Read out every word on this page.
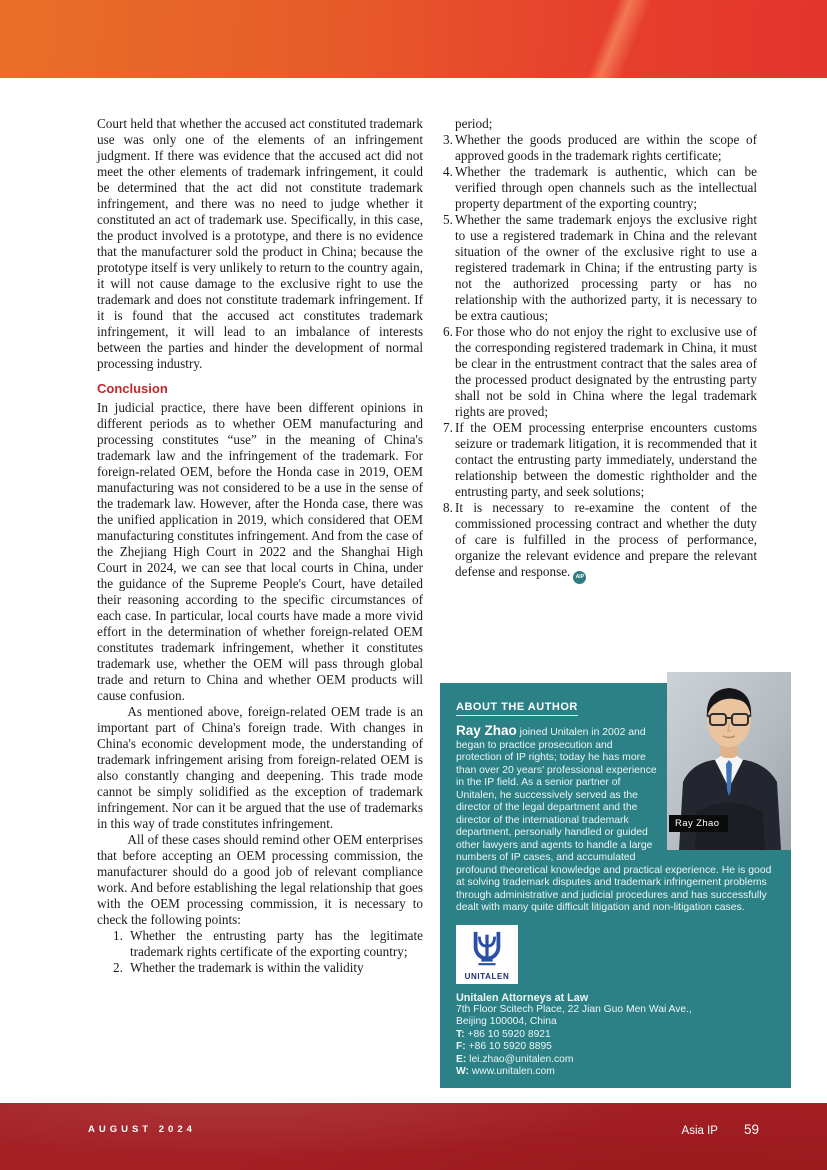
Court held that whether the accused act constituted trademark use was only one of the elements of an infringement judgment. If there was evidence that the accused act did not meet the other elements of trademark infringement, it could be determined that the act did not constitute trademark infringement, and there was no need to judge whether it constituted an act of trademark use. Specifically, in this case, the product involved is a prototype, and there is no evidence that the manufacturer sold the product in China; because the prototype itself is very unlikely to return to the country again, it will not cause damage to the exclusive right to use the trademark and does not constitute trademark infringement. If it is found that the accused act constitutes trademark infringement, it will lead to an imbalance of interests between the parties and hinder the development of normal processing industry.

Conclusion

In judicial practice, there have been different opinions in different periods as to whether OEM manufacturing and processing constitutes “use” in the meaning of China's trademark law and the infringement of the trademark. For foreign-related OEM, before the Honda case in 2019, OEM manufacturing was not considered to be a use in the sense of the trademark law. However, after the Honda case, there was the unified application in 2019, which considered that OEM manufacturing constitutes infringement. And from the case of the Zhejiang High Court in 2022 and the Shanghai High Court in 2024, we can see that local courts in China, under the guidance of the Supreme People's Court, have detailed their reasoning according to the specific circumstances of each case. In particular, local courts have made a more vivid effort in the determination of whether foreign-related OEM constitutes trademark infringement, whether it constitutes trademark use, whether the OEM will pass through global trade and return to China and whether OEM products will cause confusion.

As mentioned above, foreign-related OEM trade is an important part of China's foreign trade. With changes in China's economic development mode, the understanding of trademark infringement arising from foreign-related OEM is also constantly changing and deepening. This trade mode cannot be simply solidified as the exception of trademark infringement. Nor can it be argued that the use of trademarks in this way of trade constitutes infringement.

All of these cases should remind other OEM enterprises that before accepting an OEM processing commission, the manufacturer should do a good job of relevant compliance work. And before establishing the legal relationship that goes with the OEM processing commission, it is necessary to check the following points:

1. Whether the entrusting party has the legitimate trademark rights certificate of the exporting country;
2. Whether the trademark is within the validity

period;

3. Whether the goods produced are within the scope of approved goods in the trademark rights certificate;
4. Whether the trademark is authentic, which can be verified through open channels such as the intellectual property department of the exporting country;
5. Whether the same trademark enjoys the exclusive right to use a registered trademark in China and the relevant situation of the owner of the exclusive right to use a registered trademark in China; if the entrusting party is not the authorized processing party or has no relationship with the authorized party, it is necessary to be extra cautious;
6. For those who do not enjoy the right to exclusive use of the corresponding registered trademark in China, it must be clear in the entrustment contract that the sales area of the processed product designated by the entrusting party shall not be sold in China where the legal trademark rights are proved;
7. If the OEM processing enterprise encounters customs seizure or trademark litigation, it is recommended that it contact the entrusting party immediately, understand the relationship between the domestic rightholder and the entrusting party, and seek solutions;
8. It is necessary to re-examine the content of the commissioned processing contract and whether the duty of care is fulfilled in the process of performance, organize the relevant evidence and prepare the relevant defense and response. AIP
Ray Zhao
ABOUT THE AUTHOR

Ray Zhao joined Unitalen in 2002 and began to practice prosecution and protection of IP rights; today he has more than over 20 years' professional experience in the IP field. As a senior partner of Unitalen, he successively served as the director of the legal department and the director of the international trademark department, personally handled or guided other lawyers and agents to handle a large numbers of IP cases, and accumulated profound theoretical knowledge and practical experience. He is good at solving trademark disputes and trademark infringement problems through administrative and judicial procedures and has successfully dealt with many quite difficult litigation and non-litigation cases.

UNITALEN
Unitalen Attorneys at Law
7th Floor Scitech Place, 22 Jian Guo Men Wai Ave.,
Beijing 100004, China
T: +86 10 5920 8921
F: +86 10 5920 8895
E: lei.zhao@unitalen.com
W: www.unitalen.com
AUGUST 2024	Asia IP 59
